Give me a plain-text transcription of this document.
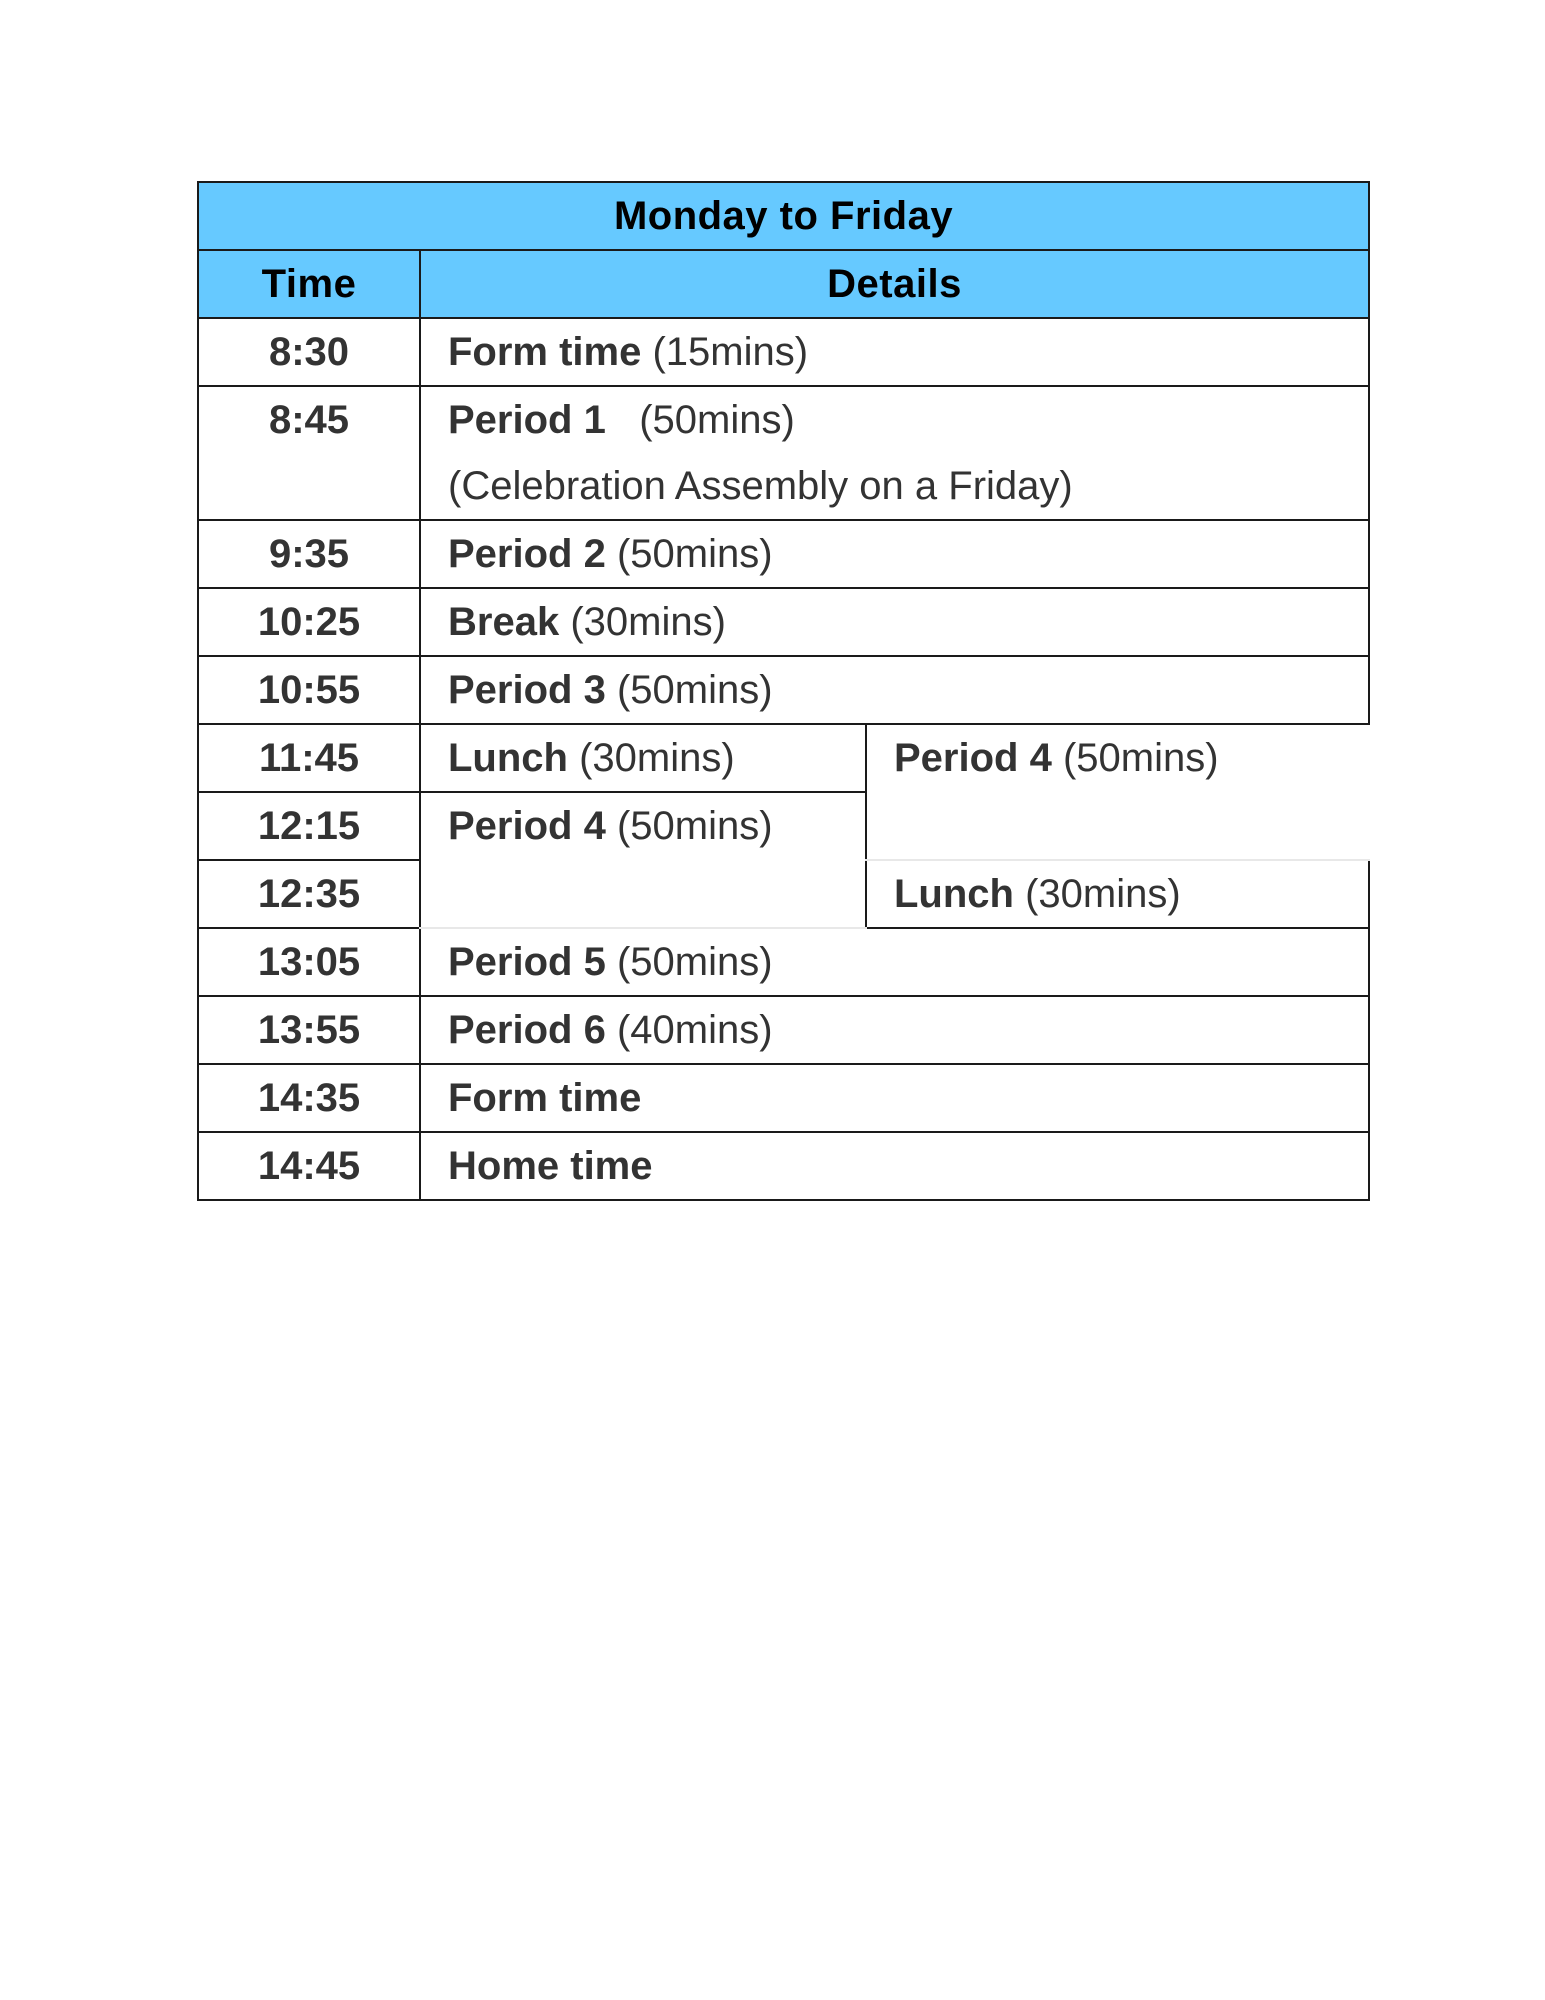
Monday to Friday		
Time	Details	
8:30	Form time (15mins)	
8:45	Period 1 (50mins)
(Celebration Assembly on a Friday)	

9:35	Period 2 (50mins)	
10:25	Break (30mins)	
10:55	Period 3 (50mins)	
11:45	Lunch (30mins)	Period 4 (50mins)
12:15	Period 4 (50mins)	
12:35		Lunch (30mins)
13:05	Period 5 (50mins)	
13:55	Period 6 (40mins)	
14:35	Form time	
14:45	Home time	
